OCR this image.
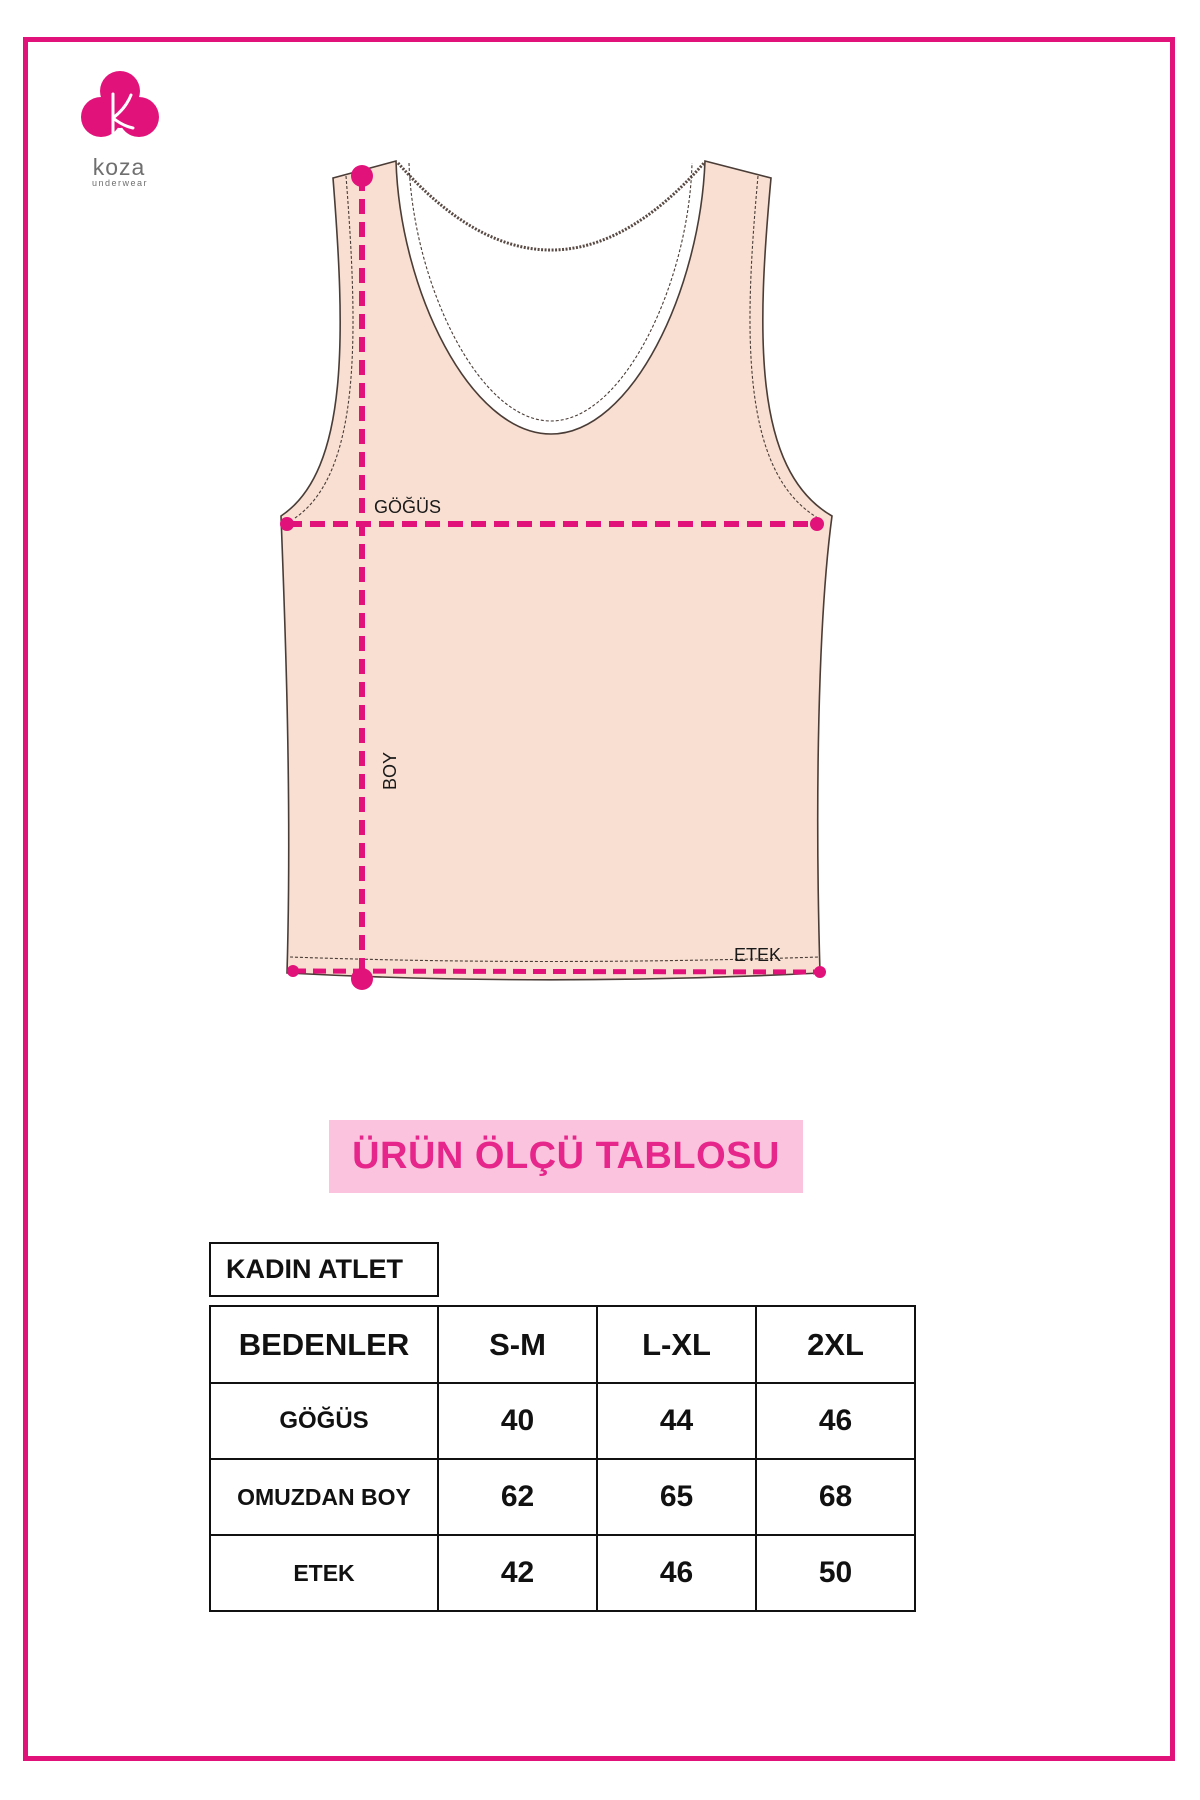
koza
underwear
GÖĞÜS
BOY
ETEK
ÜRÜN ÖLÇÜ TABLOSU
KADIN ATLET
BEDENLER	S-M	L-XL	2XL
GÖĞÜS	40	44	46
OMUZDAN BOY	62	65	68
ETEK	42	46	50
